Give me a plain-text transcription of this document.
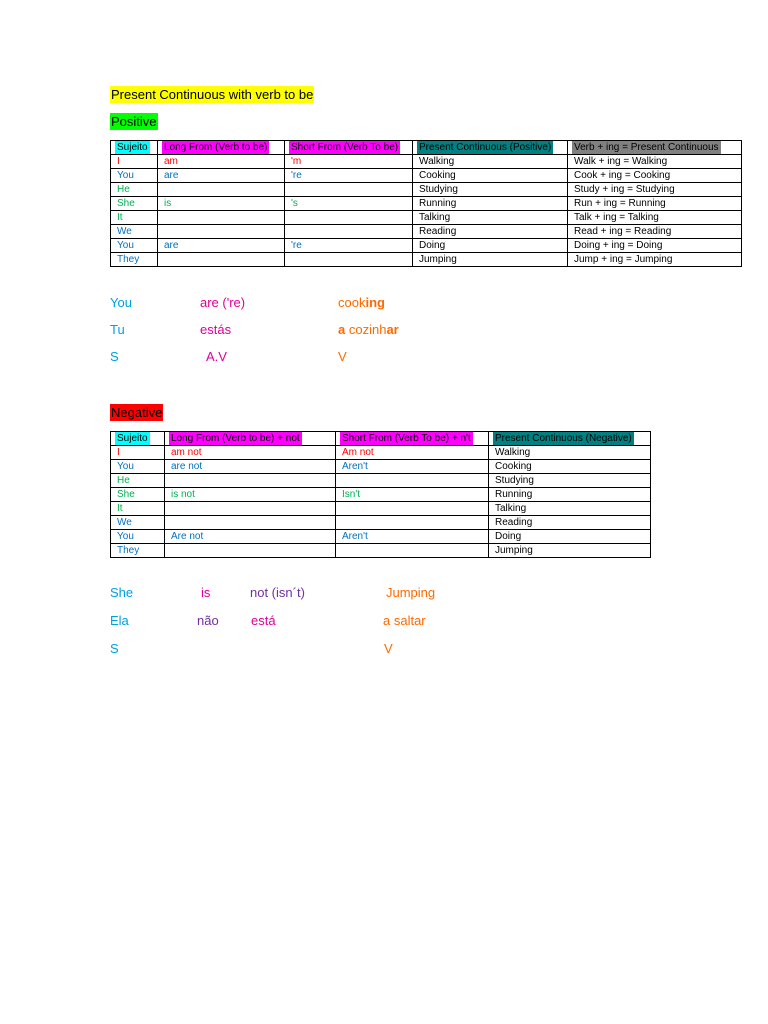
Present Continuous with verb to be
Positive
Sujeito	Long From (Verb to be)	Short From (Verb To be)	Present Continuous (Positive)	Verb + ing = Present Continuous
I	am	'm	Walking	Walk + ing = Walking
You	are	're	Cooking	Cook + ing = Cooking
He			Studying	Study + ing = Studying
She	is	's	Running	Run + ing = Running
It			Talking	Talk + ing = Talking
We			Reading	Read + ing = Reading
You	are	're	Doing	Doing + ing = Doing
They			Jumping	Jump + ing = Jumping
You	are ('re)	cooking
Tu	estás	a cozinhar
S	A.V	V
Negative
Sujeito	Long From (Verb to be) + not	Short From (Verb To be) + n't	Present Continuous (Negative)
I	am not	Am not	Walking
You	are not	Aren't	Cooking
He			Studying
She	is not	Isn't	Running
It			Talking
We			Reading
You	Are not	Aren't	Doing
They			Jumping
She	is	not (isn´t)	Jumping
Ela	não está	a saltar
S	V
